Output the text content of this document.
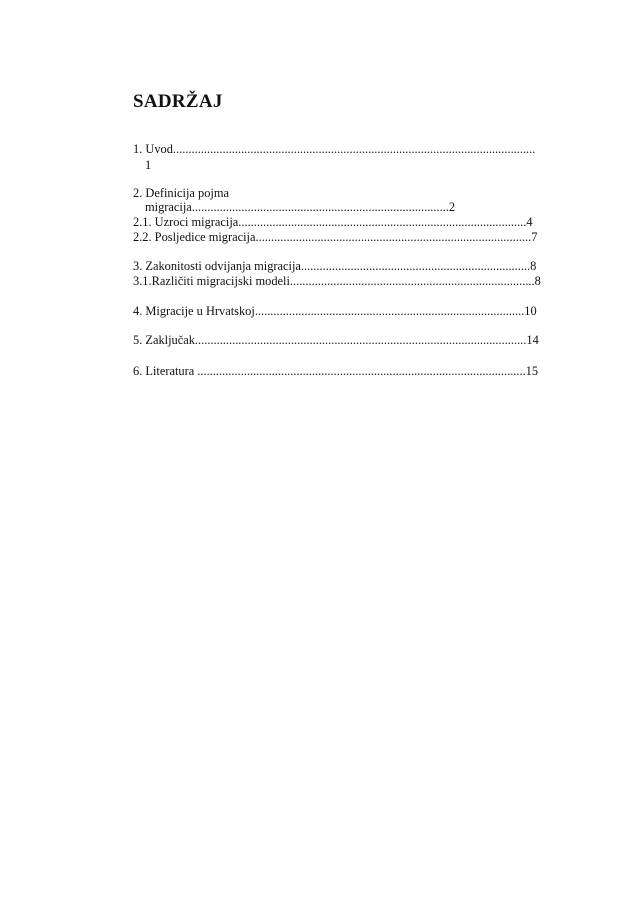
SADRŽAJ
1. Uvod.....................................................................................................................
1
2. Definicija pojma
migracija...................................................................................2
2.1. Uzroci migracija.............................................................................................4
2.2. Posljedice migracija.........................................................................................7
3. Zakonitosti odvijanja migracija..........................................................................8
3.1.Različiti migracijski modeli...............................................................................8
4. Migracije u Hrvatskoj.......................................................................................10
5. Zaključak...........................................................................................................14
6. Literatura ..........................................................................................................15
